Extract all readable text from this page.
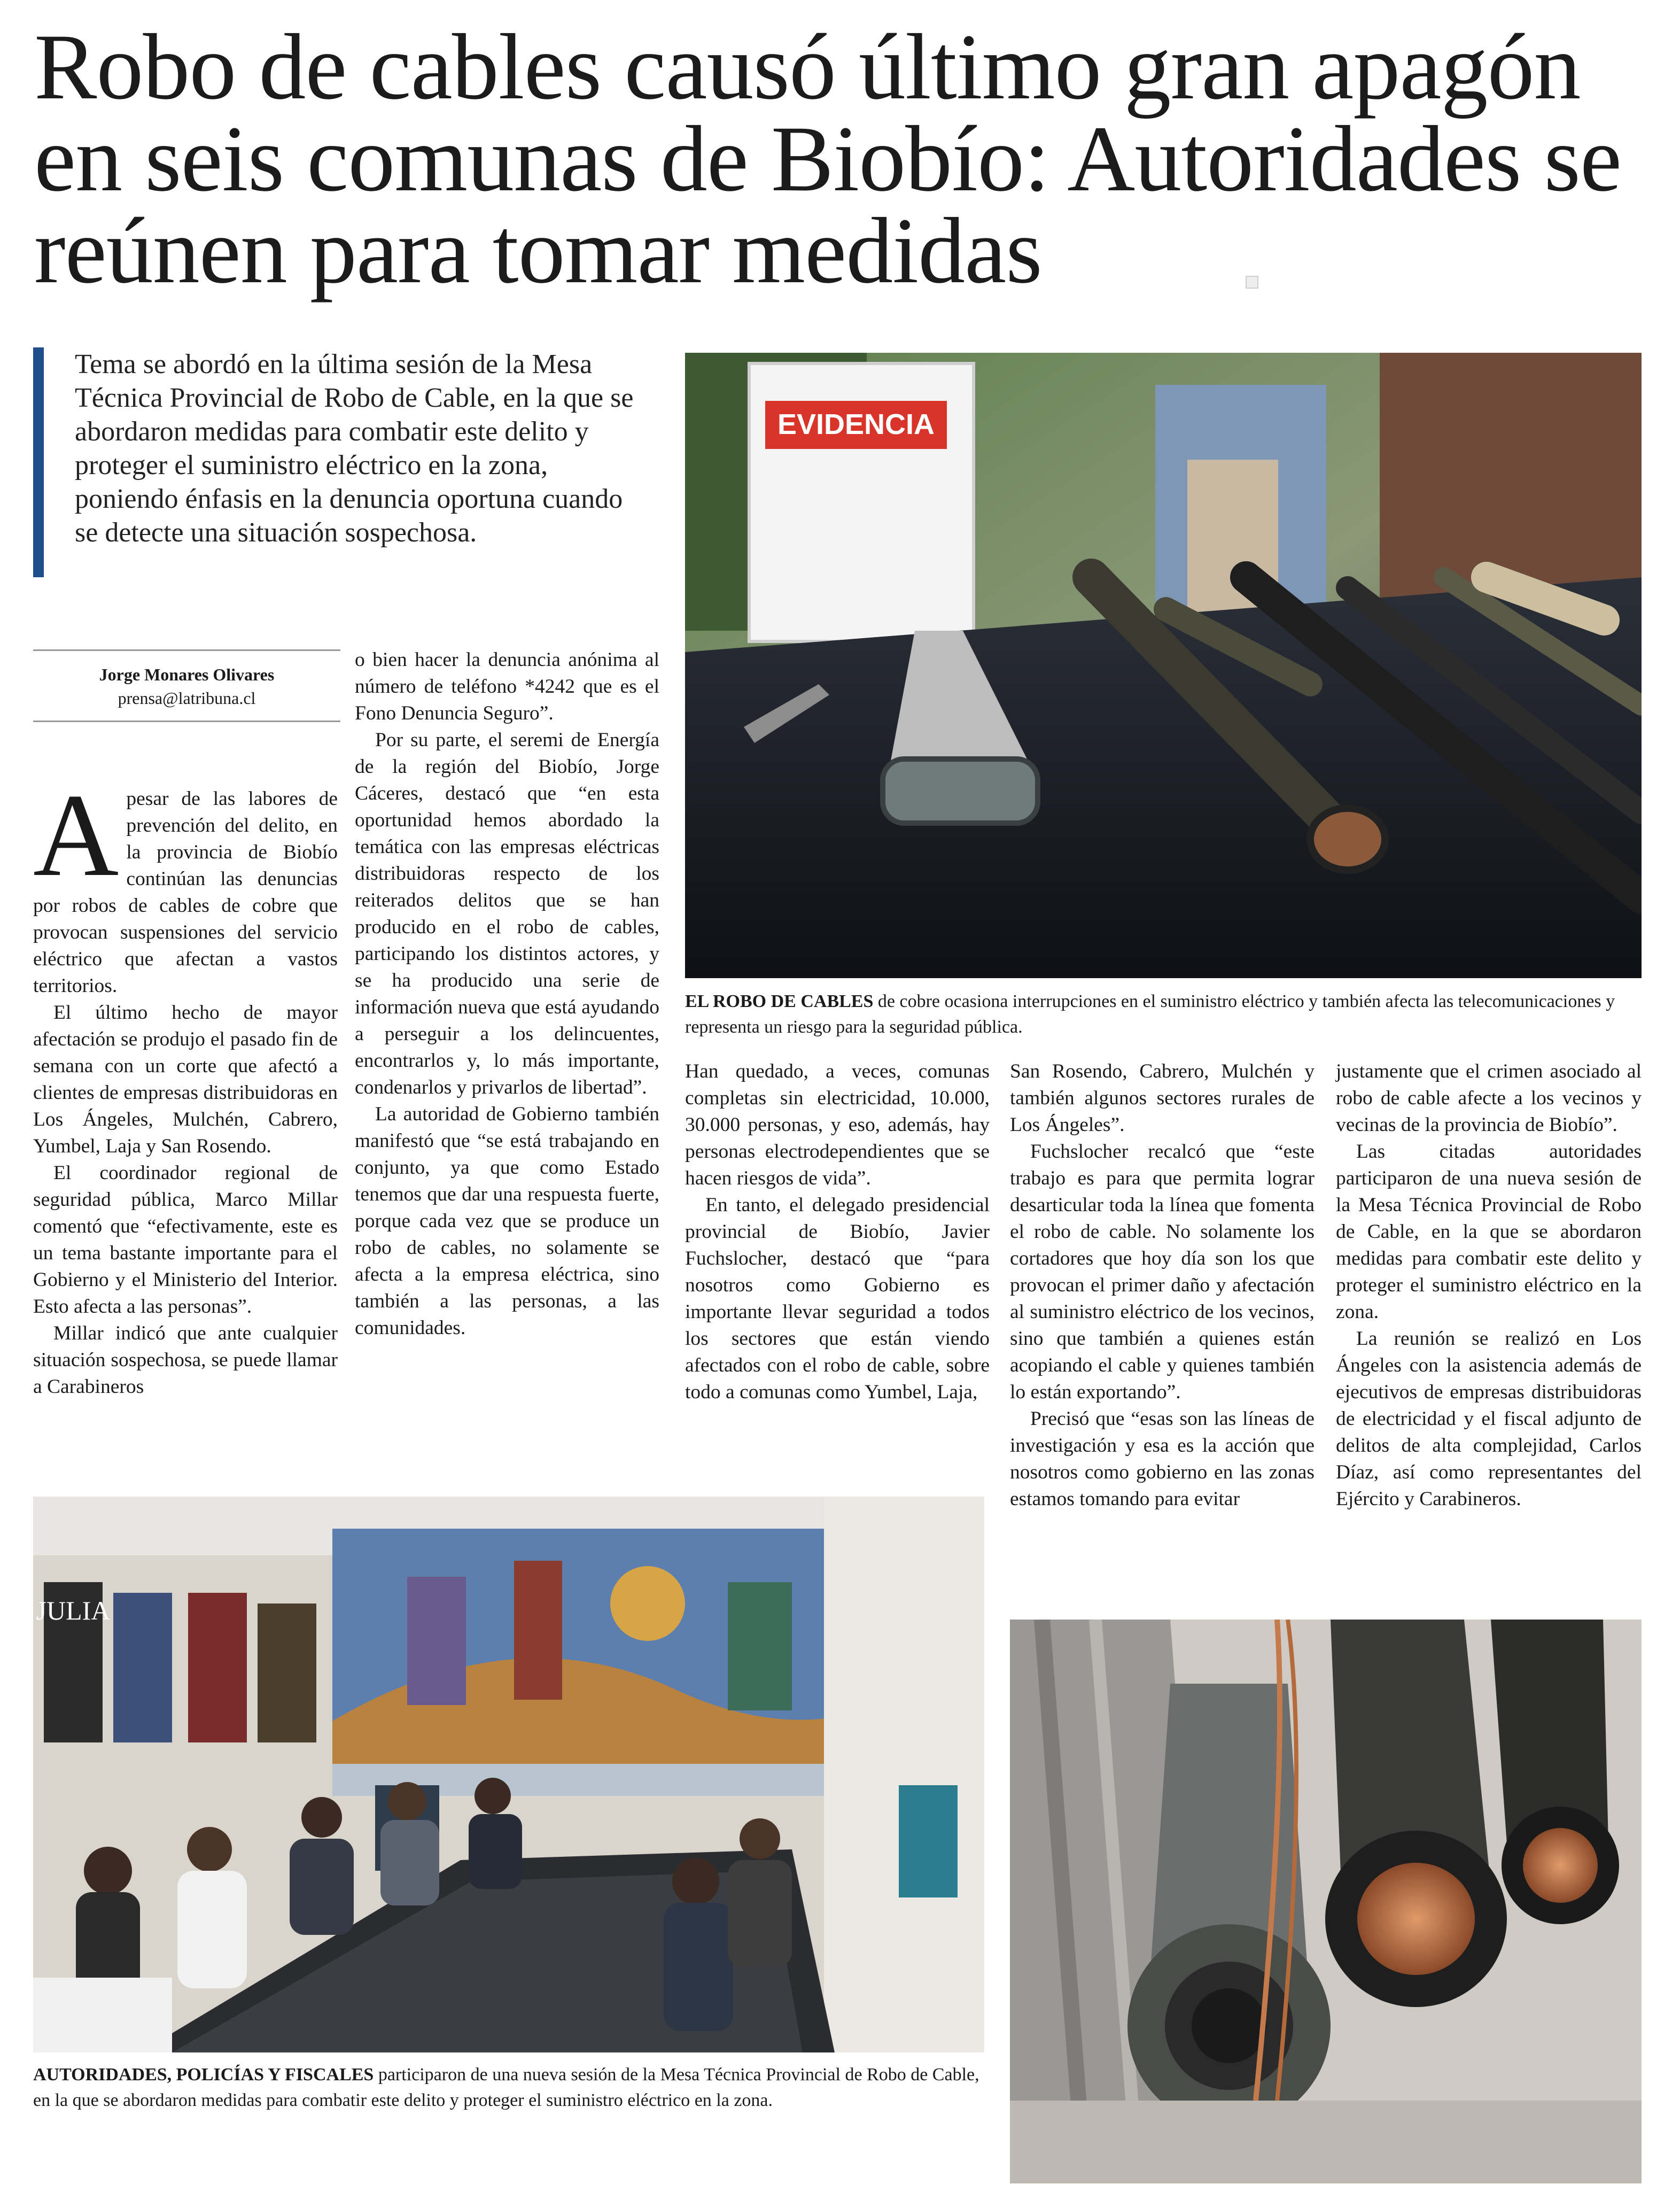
Robo de cables causó último gran apagón en seis comunas de Biobío: Autoridades se reúnen para tomar medidas
Tema se abordó en la última sesión de la Mesa Técnica Provincial de Robo de Cable, en la que se abordaron medidas para combatir este delito y proteger el suministro eléctrico en la zona, poniendo énfasis en la denuncia oportuna cuando se detecte una situación sospechosa.
Jorge Monares Olivares
prensa@latribuna.cl

Apesar de las labores de prevención del delito, en la provincia de Biobío continúan las denuncias por robos de cables de cobre que provocan suspensiones del servicio eléctrico que afectan a vastos territorios.

El último hecho de mayor afectación se produjo el pasado fin de semana con un corte que afectó a clientes de empresas distribuidoras en Los Ángeles, Mulchén, Cabrero, Yumbel, Laja y San Rosendo.

El coordinador regional de seguridad pública, Marco Millar comentó que “efectivamente, este es un tema bastante importante para el Gobierno y el Ministerio del Interior. Esto afecta a las personas”.

Millar indicó que ante cualquier situación sospechosa, se puede llamar a Carabineros

o bien hacer la denuncia anónima al número de teléfono *4242 que es el Fono Denuncia Seguro”.

Por su parte, el seremi de Energía de la región del Biobío, Jorge Cáceres, destacó que “en esta oportunidad hemos abordado la temática con las empresas eléctricas distribuidoras respecto de los reiterados delitos que se han producido en el robo de cables, participando los distintos actores, y se ha producido una serie de información nueva que está ayudando a perseguir a los delincuentes, encontrarlos y, lo más importante, condenarlos y privarlos de libertad”.

La autoridad de Gobierno también manifestó que “se está trabajando en conjunto, ya que como Estado tenemos que dar una respuesta fuerte, porque cada vez que se produce un robo de cables, no solamente se afecta a la empresa eléctrica, sino también a las personas, a las comunidades.

EVIDENCIA
EL ROBO DE CABLES de cobre ocasiona interrupciones en el suministro eléctrico y también afecta las telecomunicaciones y representa un riesgo para la seguridad pública.

Han quedado, a veces, comunas completas sin electricidad, 10.000, 30.000 personas, y eso, además, hay personas electrodependientes que se hacen riesgos de vida”.

En tanto, el delegado presidencial provincial de Biobío, Javier Fuchslocher, destacó que “para nosotros como Gobierno es importante llevar seguridad a todos los sectores que están viendo afectados con el robo de cable, sobre todo a comunas como Yumbel, Laja,

San Rosendo, Cabrero, Mulchén y también algunos sectores rurales de Los Ángeles”.

Fuchslocher recalcó que “este trabajo es para que permita lograr desarticular toda la línea que fomenta el robo de cable. No solamente los cortadores que hoy día son los que provocan el primer daño y afectación al suministro eléctrico de los vecinos, sino que también a quienes están acopiando el cable y quienes también lo están exportando”.

Precisó que “esas son las líneas de investigación y esa es la acción que nosotros como gobierno en las zonas estamos tomando para evitar

justamente que el crimen asociado al robo de cable afecte a los vecinos y vecinas de la provincia de Biobío”.

Las citadas autoridades participaron de una nueva sesión de la Mesa Técnica Provincial de Robo de Cable, en la que se abordaron medidas para combatir este delito y proteger el suministro eléctrico en la zona.

La reunión se realizó en Los Ángeles con la asistencia además de ejecutivos de empresas distribuidoras de electricidad y el fiscal adjunto de delitos de alta complejidad, Carlos Díaz, así como representantes del Ejército y Carabineros.

JULIA
AUTORIDADES, POLICÍAS Y FISCALES participaron de una nueva sesión de la Mesa Técnica Provincial de Robo de Cable, en la que se abordaron medidas para combatir este delito y proteger el suministro eléctrico en la zona.
